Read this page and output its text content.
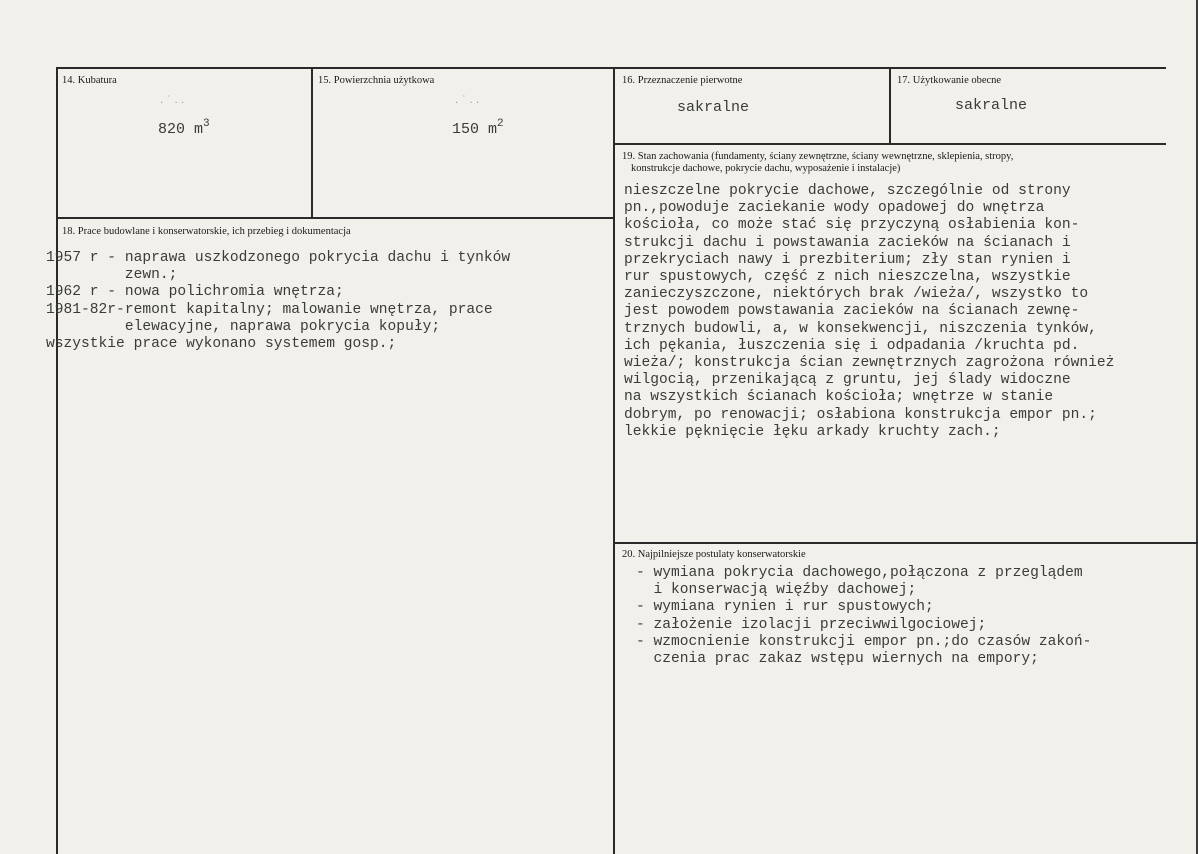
14. Kubatura
. ˙ . .
820 $m^3$
15. Powierzchnia użytkowa
. ˙ . .
150 $m^2$
16. Przeznaczenie pierwotne
sakralne
17. Użytkowanie obecne
sakralne
19. Stan zachowania (fundamenty, ściany zewnętrzne, ściany wewnętrzne, sklepienia, stropy,
konstrukcje dachowe, pokrycie dachu, wyposażenie i instalacje)
nieszczelne pokrycie dachowe, szczególnie od strony
pn.,powoduje zaciekanie wody opadowej do wnętrza
kościoła, co może stać się przyczyną osłabienia kon-
strukcji dachu i powstawania zacieków na ścianach i
przekryciach nawy i prezbiterium; zły stan rynien i
rur spustowych, część z nich nieszczelna, wszystkie
zanieczyszczone, niektórych brak /wieża/, wszystko to
jest powodem powstawania zacieków na ścianach zewnę-
trznych budowli, a, w konsekwencji, niszczenia tynków,
ich pękania, łuszczenia się i odpadania /kruchta pd.
wieża/; konstrukcja ścian zewnętrznych zagrożona również
wilgocią, przenikającą z gruntu, jej ślady widoczne
na wszystkich ścianach kościoła; wnętrze w stanie
dobrym, po renowacji; osłabiona konstrukcja empor pn.;
lekkie pęknięcie łęku arkady kruchty zach.;
18. Prace budowlane i konserwatorskie, ich przebieg i dokumentacja
1957 r - naprawa uszkodzonego pokrycia dachu i tynków
zewn.;
1962 r - nowa polichromia wnętrza;
1981-82r-remont kapitalny; malowanie wnętrza, prace
elewacyjne, naprawa pokrycia kopuły;
wszystkie prace wykonano systemem gosp.;
20. Najpilniejsze postulaty konserwatorskie
- wymiana pokrycia dachowego,połączona z przeglądem
i konserwacją więźby dachowej;
- wymiana rynien i rur spustowych;
- założenie izolacji przeciwwilgociowej;
- wzmocnienie konstrukcji empor pn.;do czasów zakoń-
czenia prac zakaz wstępu wiernych na empory;
